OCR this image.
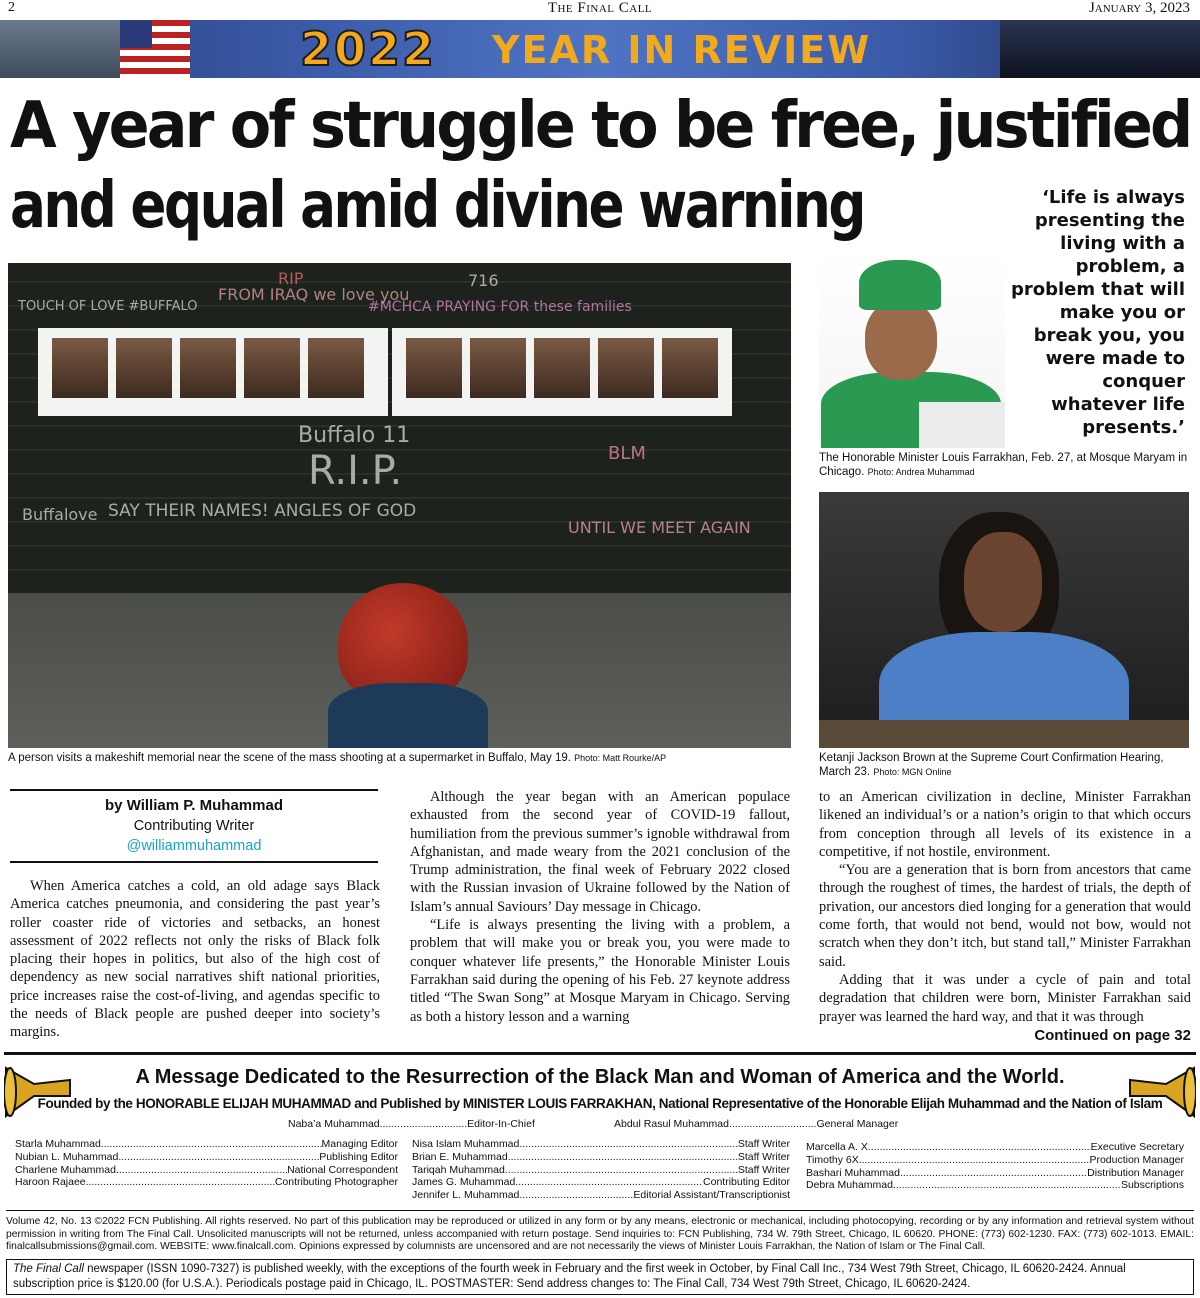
2	The Final Call	January 3, 2023
2022 YEAR IN REVIEW
A year of struggle to be free, justified
and equal amid divine warning	‘Life is always presenting the living with a problem, a problem that will make you or break you, you were made to conquer whatever life presents.’
716
RIP
FROM IRAQ we love you
#MCHCA PRAYING FOR these families
TOUCH OF LOVE #BUFFALO
Buffalo 11
R.I.P.	BLM
SAY THEIR NAMES! ANGLES OF GOD
UNTIL WE MEET AGAIN
Buffalove
A person visits a makeshift memorial near the scene of the mass shooting at a supermarket in Buffalo, May 19. Photo: Matt Rourke/AP
The Honorable Minister Louis Farrakhan, Feb. 27, at Mosque Maryam in Chicago. Photo: Andrea Muhammad
Ketanji Jackson Brown at the Supreme Court Confirmation Hearing, March 23. Photo: MGN Online
by William P. Muhammad
Contributing Writer
@williammuhammad

When America catches a cold, an old adage says Black America catches pneumonia, and considering the past year’s roller coaster ride of victories and setbacks, an honest assessment of 2022 reflects not only the risks of Black folk placing their hopes in politics, but also of the high cost of dependency as new social narratives shift national priorities, price increases raise the cost-of-living, and agendas specific to the needs of Black people are pushed deeper into society’s margins.

Although the year began with an American populace exhausted from the second year of COVID-19 fallout, humiliation from the previous summer’s ignoble withdrawal from Afghanistan, and made weary from the 2021 conclusion of the Trump administration, the final week of February 2022 closed with the Russian invasion of Ukraine followed by the Nation of Islam’s annual Saviours’ Day message in Chicago.

“Life is always presenting the living with a problem, a problem that will make you or break you, you were made to conquer whatever life presents,” the Honorable Minister Louis Farrakhan said during the opening of his Feb. 27 keynote address titled “The Swan Song” at Mosque Maryam in Chicago. Serving as both a history lesson and a warning

to an American civilization in decline, Minister Farrakhan likened an individual’s or a nation’s origin to that which occurs from conception through all levels of its existence in a competitive, if not hostile, environment.

“You are a generation that is born from ancestors that came through the roughest of times, the hardest of trials, the depth of privation, our ancestors died longing for a generation that would come forth, that would not bend, would not bow, would not scratch when they don’t itch, but stand tall,” Minister Farrakhan said.

Adding that it was under a cycle of pain and total degradation that children were born, Minister Farrakhan said prayer was learned the hard way, and that it was through

Continued on page 32
A Message Dedicated to the Resurrection of the Black Man and Woman of America and the World.
Founded by the HONORABLE ELIJAH MUHAMMAD and Published by MINISTER LOUIS FARRAKHAN, National Representative of the Honorable Elijah Muhammad and the Nation of Islam
Naba’a Muhammad..............................Editor-In-Chief	Abdul Rasul Muhammad..............................General Manager
Starla Muhammad .....	Managing Editor
Nubian L. Muhammad .....	Publishing Editor
Charlene Muhammad .....	National Correspondent
Haroon Rajaee .....	Contributing Photographer
Nisa Islam Muhammad .....	Staff Writer
Brian E. Muhammad .....	Staff Writer
Tariqah Muhammad .....	Staff Writer
James G. Muhammad .....	Contributing Editor
Jennifer L. Muhammad .....	Editorial Assistant/Transcriptionist
Marcella A. X. .....	Executive Secretary
Timothy 6X .....	Production Manager
Bashari Muhammad .....	Distribution Manager
Debra Muhammad .....	Subscriptions
Volume 42, No. 13 ©2022 FCN Publishing. All rights reserved. No part of this publication may be reproduced or utilized in any form or by any means, electronic or mechanical, including photocopying, recording or by any information and retrieval system without permission in writing from The Final Call. Unsolicited manuscripts will not be returned, unless accompanied with return postage. Send inquiries to: FCN Publishing, 734 W. 79th Street, Chicago, IL 60620. PHONE: (773) 602-1230. FAX: (773) 602-1013. EMAIL: finalcallsubmissions@gmail.com. WEBSITE: www.finalcall.com. Opinions expressed by columnists are uncensored and are not necessarily the views of Minister Louis Farrakhan, the Nation of Islam or The Final Call.
The Final Call newspaper (ISSN 1090-7327) is published weekly, with the exceptions of the fourth week in February and the first week in October, by Final Call Inc., 734 West 79th Street, Chicago, IL 60620-2424. Annual subscription price is $120.00 (for U.S.A.). Periodicals postage paid in Chicago, IL. POSTMASTER: Send address changes to: The Final Call, 734 West 79th Street, Chicago, IL 60620-2424.
